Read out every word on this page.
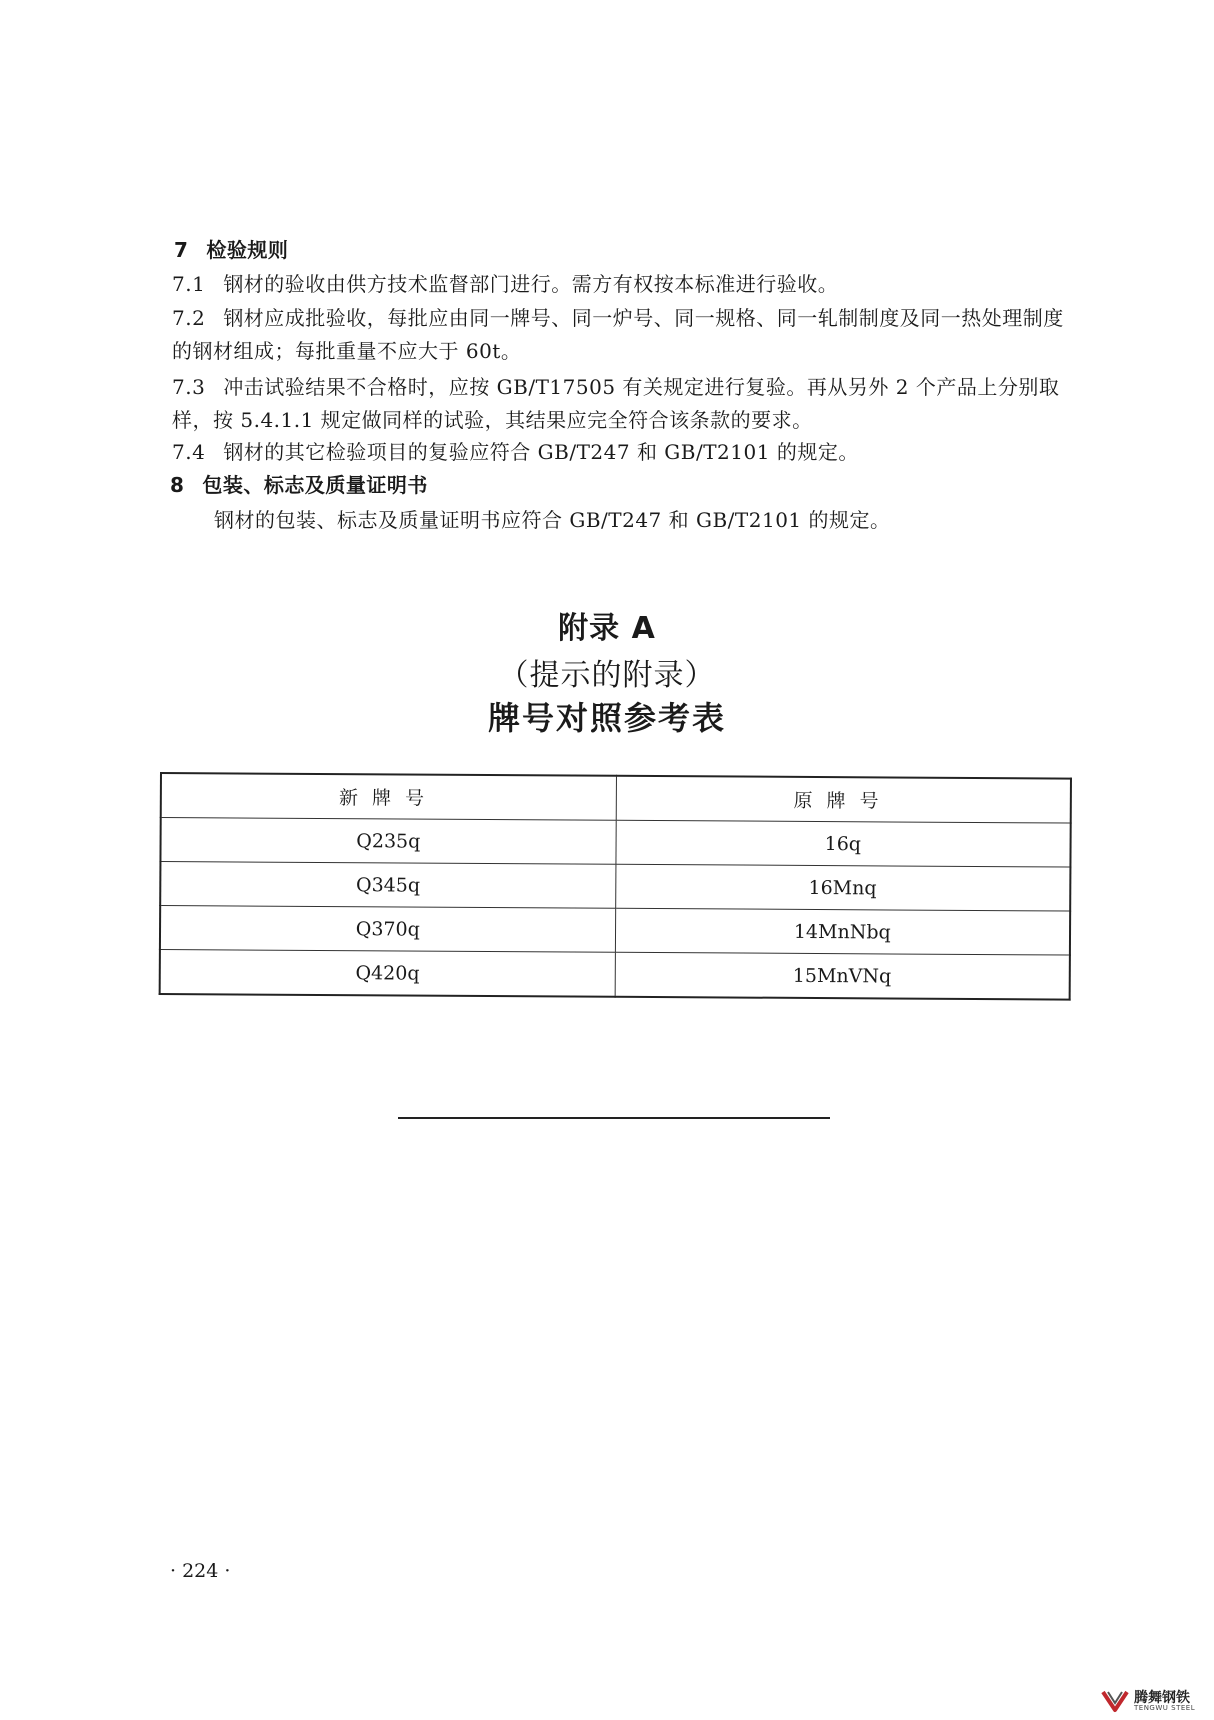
7 检验规则
7.1 钢材的验收由供方技术监督部门进行。需方有权按本标准进行验收。
7.2 钢材应成批验收，每批应由同一牌号、同一炉号、同一规格、同一轧制制度及同一热处理制度
的钢材组成；每批重量不应大于 60t。
7.3 冲击试验结果不合格时，应按 GB/T17505 有关规定进行复验。再从另外 2 个产品上分别取
样，按 5.4.1.1 规定做同样的试验，其结果应完全符合该条款的要求。
7.4 钢材的其它检验项目的复验应符合 GB/T247 和 GB/T2101 的规定。
8 包装、标志及质量证明书
钢材的包装、标志及质量证明书应符合 GB/T247 和 GB/T2101 的规定。
附录 A
（提示的附录）
牌号对照参考表
新牌号	原牌号
Q235q	16q
Q345q	16Mnq
Q370q	14MnNbq
Q420q	15MnVNq
· 224 ·
腾舞钢铁
TENGWU STEEL
